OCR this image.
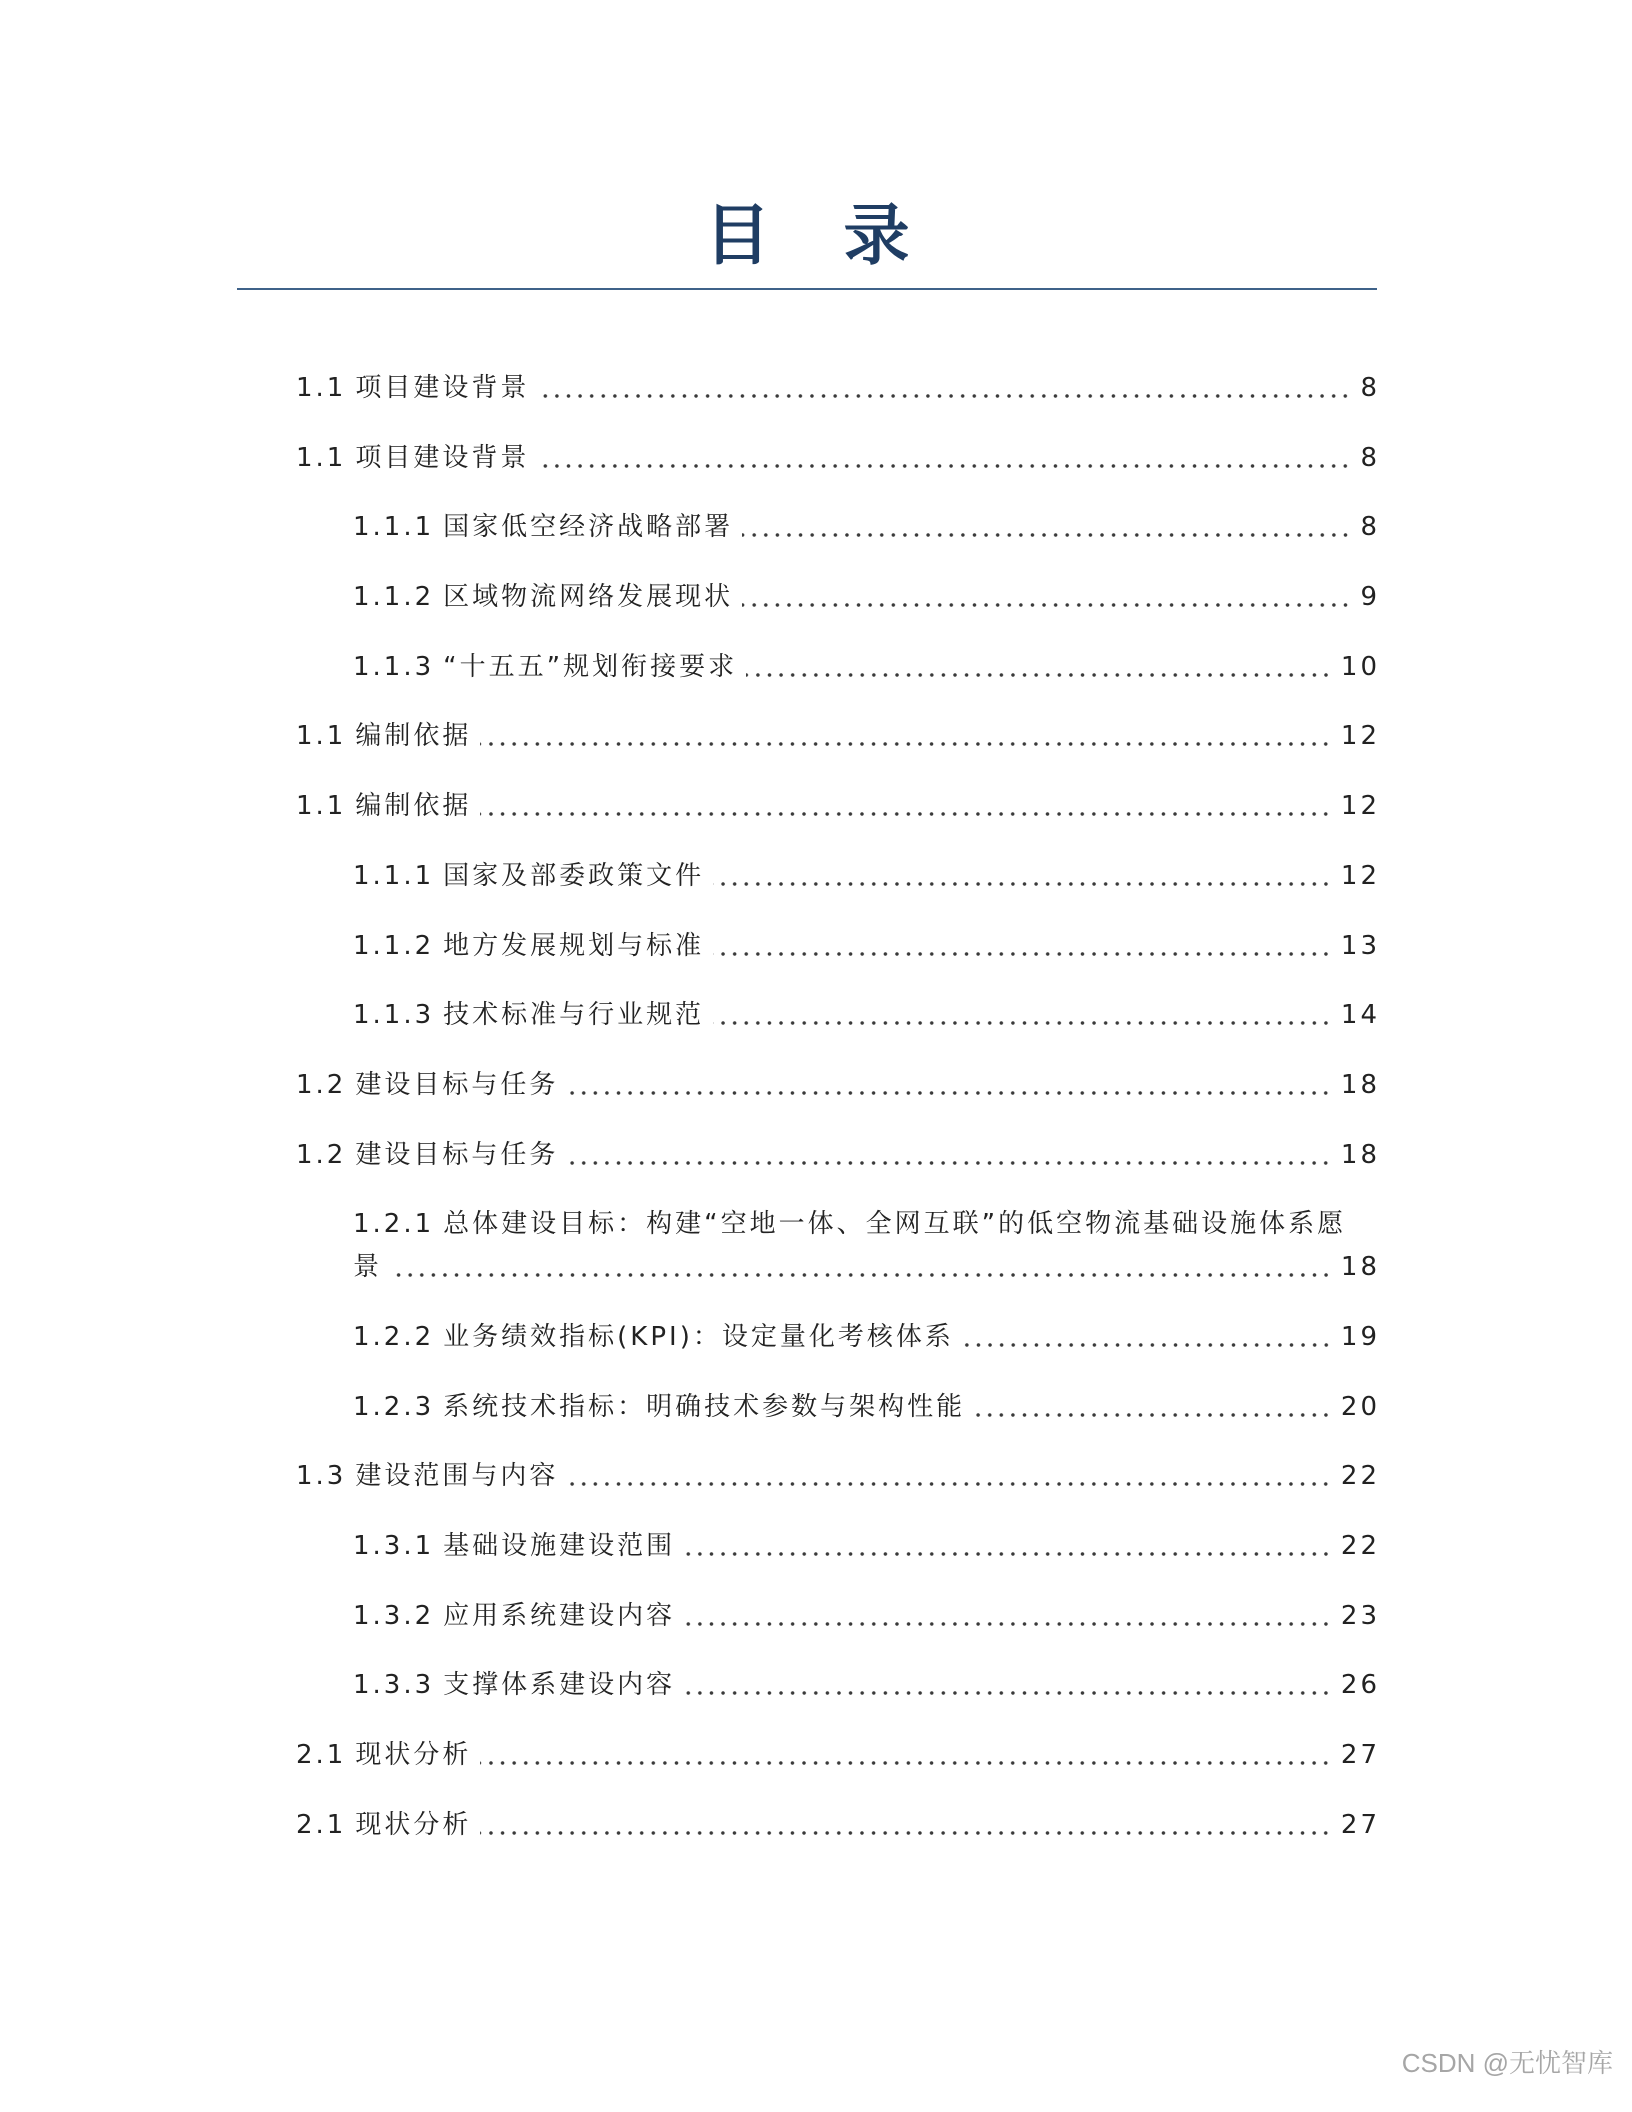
目 录
1.1 项目建设背景	8
1.1 项目建设背景	8
1.1.1 国家低空经济战略部署	8
1.1.2 区域物流网络发展现状	9
1.1.3 “十五五”规划衔接要求	10
1.1 编制依据	12
1.1 编制依据	12
1.1.1 国家及部委政策文件	12
1.1.2 地方发展规划与标准	13
1.1.3 技术标准与行业规范	14
1.2 建设目标与任务	18
1.2 建设目标与任务	18
1.2.1 总体建设目标：构建“空地一体、全网互联”的低空物流基础设施体系愿
景	18
1.2.2 业务绩效指标(KPI)：设定量化考核体系	19
1.2.3 系统技术指标：明确技术参数与架构性能	20
1.3 建设范围与内容	22
1.3.1 基础设施建设范围	22
1.3.2 应用系统建设内容	23
1.3.3 支撑体系建设内容	26
2.1 现状分析	27
2.1 现状分析	27
CSDN @无忧智库
